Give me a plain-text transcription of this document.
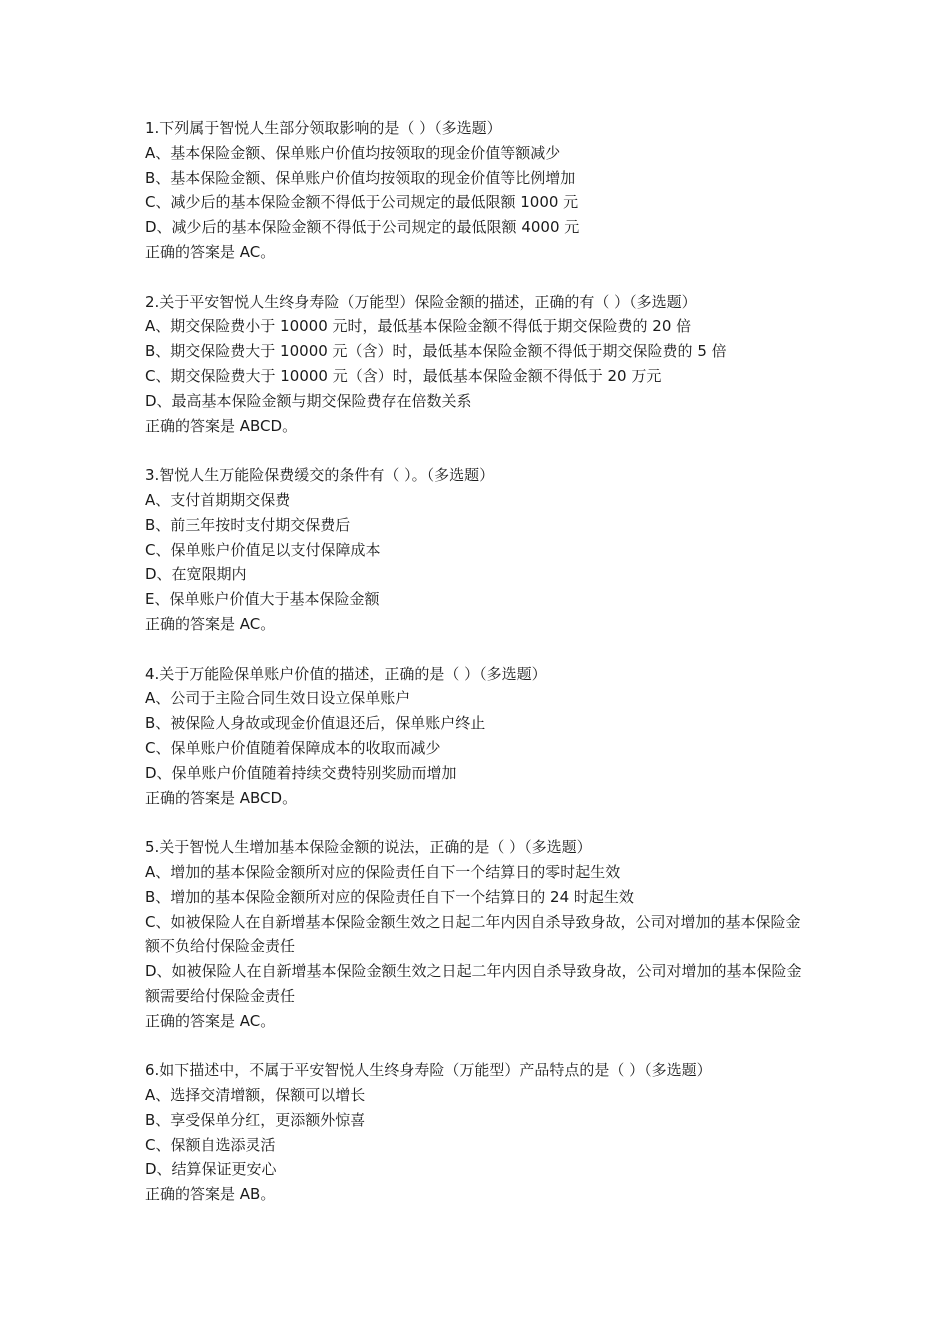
1.下列属于智悦人生部分领取影响的是（ ）（多选题）
A、基本保险金额、保单账户价值均按领取的现金价值等额减少
B、基本保险金额、保单账户价值均按领取的现金价值等比例增加
C、减少后的基本保险金额不得低于公司规定的最低限额 1000 元
D、减少后的基本保险金额不得低于公司规定的最低限额 4000 元
正确的答案是 AC。
2.关于平安智悦人生终身寿险（万能型）保险金额的描述，正确的有（ ）（多选题）
A、期交保险费小于 10000 元时，最低基本保险金额不得低于期交保险费的 20 倍
B、期交保险费大于 10000 元（含）时，最低基本保险金额不得低于期交保险费的 5 倍
C、期交保险费大于 10000 元（含）时，最低基本保险金额不得低于 20 万元
D、最高基本保险金额与期交保险费存在倍数关系
正确的答案是 ABCD。
3.智悦人生万能险保费缓交的条件有（ ）。（多选题）
A、支付首期期交保费
B、前三年按时支付期交保费后
C、保单账户价值足以支付保障成本
D、在宽限期内
E、保单账户价值大于基本保险金额
正确的答案是 AC。
4.关于万能险保单账户价值的描述，正确的是（ ）（多选题）
A、公司于主险合同生效日设立保单账户
B、被保险人身故或现金价值退还后，保单账户终止
C、保单账户价值随着保障成本的收取而减少
D、保单账户价值随着持续交费特别奖励而增加
正确的答案是 ABCD。
5.关于智悦人生增加基本保险金额的说法，正确的是（ ）（多选题）
A、增加的基本保险金额所对应的保险责任自下一个结算日的零时起生效
B、增加的基本保险金额所对应的保险责任自下一个结算日的 24 时起生效
C、如被保险人在自新增基本保险金额生效之日起二年内因自杀导致身故，公司对增加的基本保险金额不负给付保险金责任
D、如被保险人在自新增基本保险金额生效之日起二年内因自杀导致身故，公司对增加的基本保险金额需要给付保险金责任
正确的答案是 AC。
6.如下描述中，不属于平安智悦人生终身寿险（万能型）产品特点的是（ ）（多选题）
A、选择交清增额，保额可以增长
B、享受保单分红，更添额外惊喜
C、保额自选添灵活
D、结算保证更安心
正确的答案是 AB。
